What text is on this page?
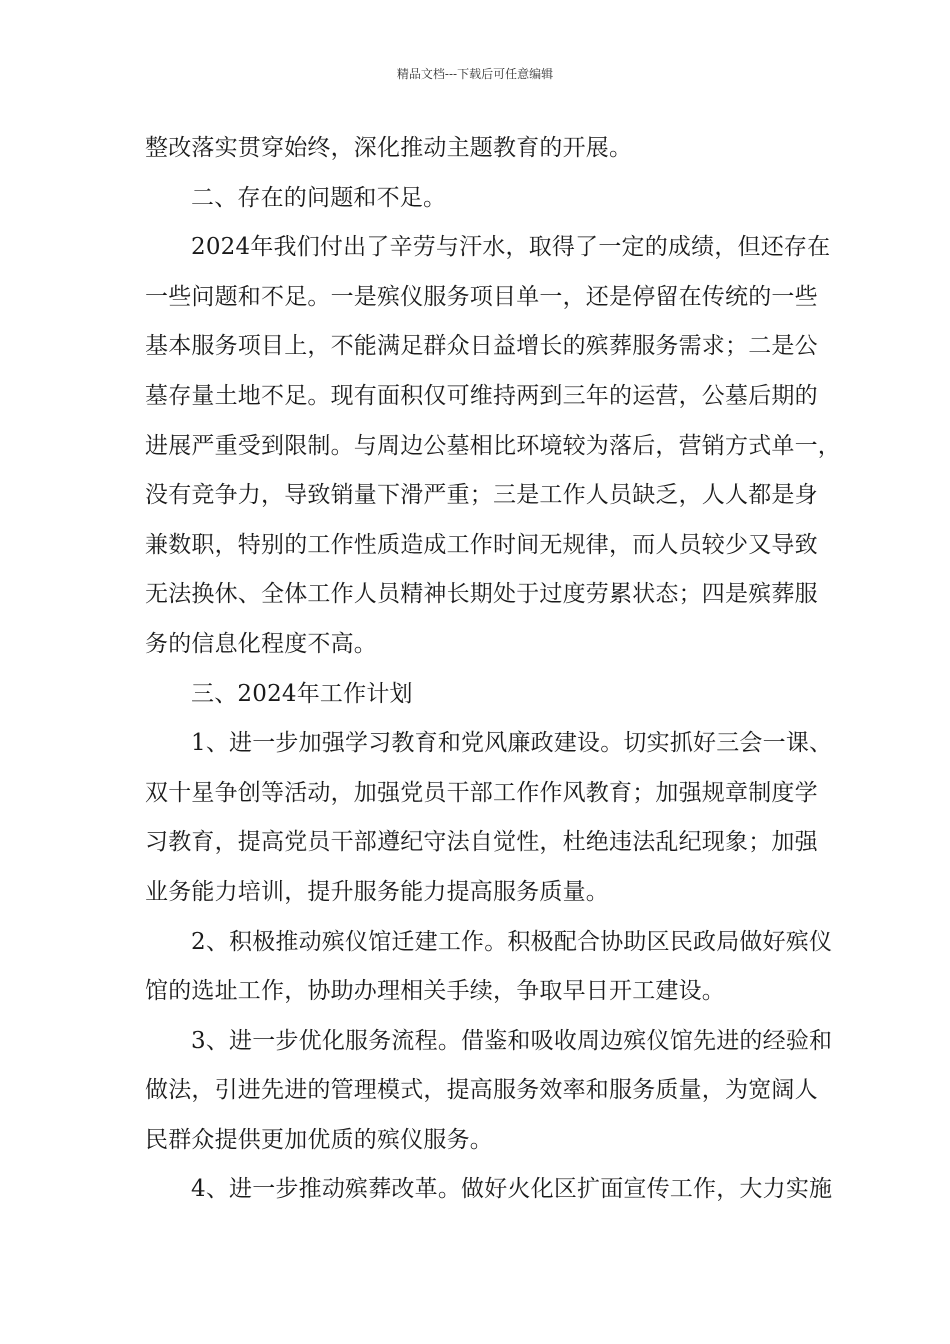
精品文档---下载后可任意编辑
整改落实贯穿始终，深化推动主题教育的开展。
二、存在的问题和不足。
2024年我们付出了辛劳与汗水，取得了一定的成绩，但还存在
一些问题和不足。一是殡仪服务项目单一，还是停留在传统的一些
基本服务项目上，不能满足群众日益增长的殡葬服务需求；二是公
墓存量土地不足。现有面积仅可维持两到三年的运营，公墓后期的
进展严重受到限制。与周边公墓相比环境较为落后，营销方式单一，
没有竞争力，导致销量下滑严重；三是工作人员缺乏，人人都是身
兼数职，特别的工作性质造成工作时间无规律，而人员较少又导致
无法换休、全体工作人员精神长期处于过度劳累状态；四是殡葬服
务的信息化程度不高。
三、2024年工作计划
1、进一步加强学习教育和党风廉政建设。切实抓好三会一课、
双十星争创等活动，加强党员干部工作作风教育；加强规章制度学
习教育，提高党员干部遵纪守法自觉性，杜绝违法乱纪现象；加强
业务能力培训，提升服务能力提高服务质量。
2、积极推动殡仪馆迁建工作。积极配合协助区民政局做好殡仪
馆的选址工作，协助办理相关手续，争取早日开工建设。
3、进一步优化服务流程。借鉴和吸收周边殡仪馆先进的经验和
做法，引进先进的管理模式，提高服务效率和服务质量，为宽阔人
民群众提供更加优质的殡仪服务。
4、进一步推动殡葬改革。做好火化区扩面宣传工作，大力实施
